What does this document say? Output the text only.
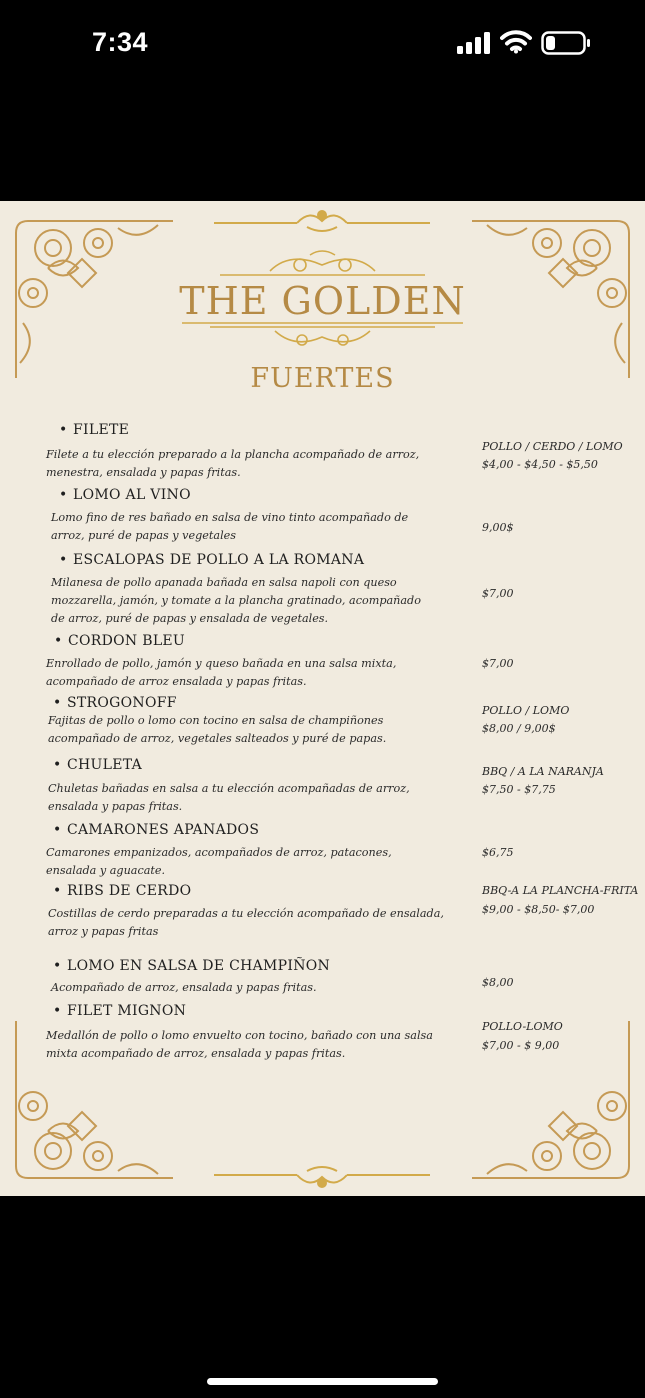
7:34
THE GOLDEN
FUERTES
• FILETE
Filete a tu elección preparado a la plancha acompañado de arroz, menestra, ensalada y papas fritas.
POLLO / CERDO / LOMO
$4,00 - $4,50 - $5,50
• LOMO AL VINO
Lomo fino de res bañado en salsa de vino tinto acompañado de arroz, puré de papas y vegetales
9,00$
• ESCALOPAS DE POLLO A LA ROMANA
Milanesa de pollo apanada bañada en salsa napoli con queso mozzarella, jamón, y tomate a la plancha gratinado, acompañado de arroz, puré de papas y ensalada de vegetales.
$7,00
• CORDON BLEU
Enrollado de pollo, jamón y queso bañada en una salsa mixta, acompañado de arroz ensalada y papas fritas.
$7,00
• STROGONOFF
Fajitas de pollo o lomo con tocino en salsa de champiñones acompañado de arroz, vegetales salteados y puré de papas.
POLLO / LOMO
$8,00 / 9,00$
• CHULETA
Chuletas bañadas en salsa a tu elección acompañadas de arroz, ensalada y papas fritas.
BBQ / A LA NARANJA
$7,50 - $7,75
• CAMARONES APANADOS
Camarones empanizados, acompañados de arroz, patacones, ensalada y aguacate.
$6,75
• RIBS DE CERDO
Costillas de cerdo preparadas a tu elección acompañado de ensalada, arroz y papas fritas
BBQ-A LA PLANCHA-FRITA
$9,00 - $8,50- $7,00
• LOMO EN SALSA DE CHAMPIÑON
Acompañado de arroz, ensalada y papas fritas.	$8,00
• FILET MIGNON
Medallón de pollo o lomo envuelto con tocino, bañado con una salsa mixta acompañado de arroz, ensalada y papas fritas.
POLLO-LOMO
$7,00 - $ 9,00
